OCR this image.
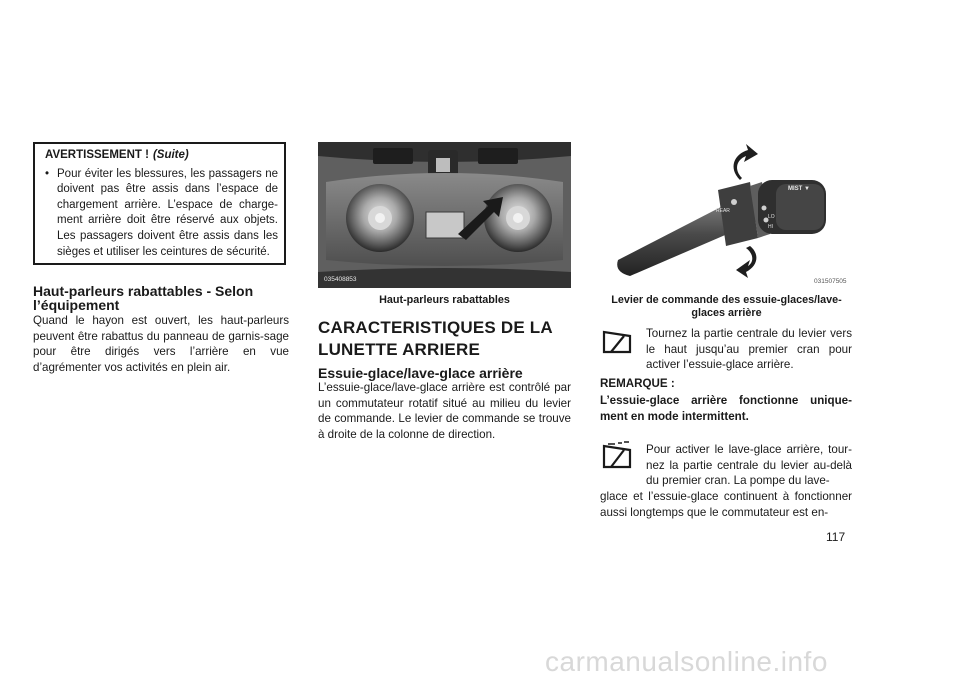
AVERTISSEMENT ! (Suite)
• Pour éviter les blessures, les passagers ne doivent pas être assis dans l’espace de chargement arrière. L’espace de charge-ment arrière doit être réservé aux objets. Les passagers doivent être assis dans les sièges et utiliser les ceintures de sécurité.
Haut-parleurs rabattables - Selon
l’équipement
Quand le hayon est ouvert, les haut-parleurs peuvent être rabattus du panneau de garnis-sage pour être dirigés vers l’arrière en vue d’agrémenter vos activités en plein air.
035408853
Haut-parleurs rabattables
CARACTERISTIQUES DE LA
LUNETTE ARRIERE
Essuie-glace/lave-glace arrière
L’essuie-glace/lave-glace arrière est contrôlé par un commutateur rotatif situé au milieu du levier de commande. Le levier de commande se trouve à droite de la colonne de direction.
REAR
MIST ▼
LO
HI
031507505
Levier de commande des essuie-glaces/lave-
glaces arrière
Tournez la partie centrale du levier vers le haut jusqu’au premier cran pour activer l’essuie-glace arrière.
REMARQUE :
L’essuie-glace arrière fonctionne unique-ment en mode intermittent.
Pour activer le lave-glace arrière, tour-nez la partie centrale du levier au-delà du premier cran. La pompe du lave-
glace et l’essuie-glace continuent à fonctionner aussi longtemps que le commutateur est en-
117
carmanualsonline.info
